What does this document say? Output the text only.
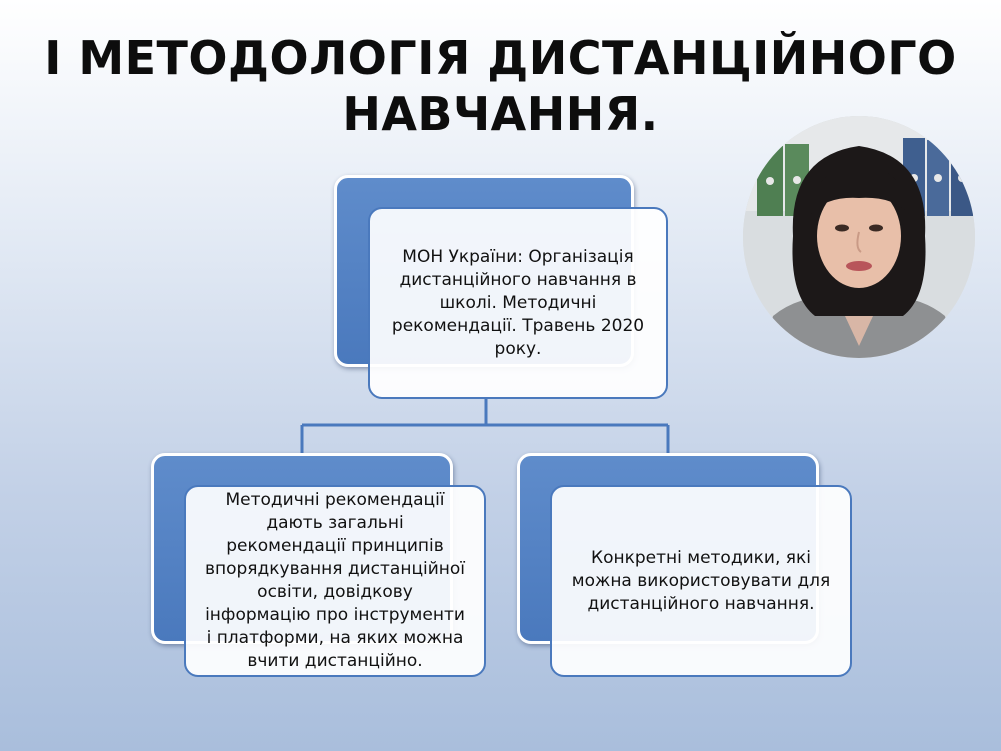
І МЕТОДОЛОГІЯ ДИСТАНЦІЙНОГО
НАВЧАННЯ.
МОН України: Організація дистанційного навчання в школі. Методичні рекомендації. Травень 2020 року.
Методичні рекомендації дають загальні рекомендації принципів впорядкування дистанційної освіти, довідкову інформацію про інструменти і платформи, на яких можна вчити дистанційно.
Конкретні методики, які можна використовувати для дистанційного навчання.
